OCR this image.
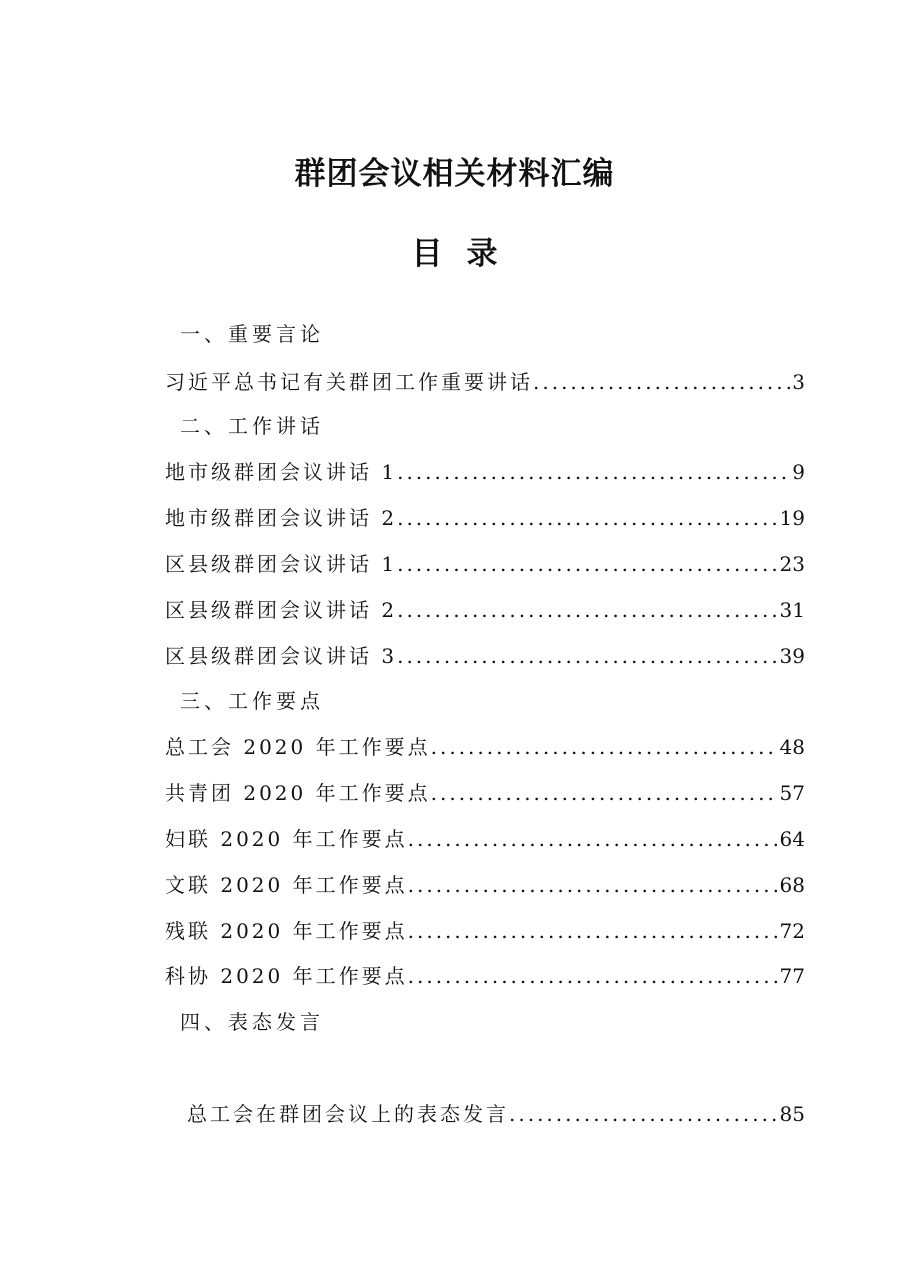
群团会议相关材料汇编
目录
一、重要言论
习近平总书记有关群团工作重要讲话 .....	3
二、工作讲话
地市级群团会议讲话 1 .....	9
地市级群团会议讲话 2 .....	19
区县级群团会议讲话 1 .....	23
区县级群团会议讲话 2 .....	31
区县级群团会议讲话 3 .....	39
三、工作要点
总工会 2020 年工作要点 .....	48
共青团 2020 年工作要点 .....	57
妇联 2020 年工作要点 .....	64
文联 2020 年工作要点 .....	68
残联 2020 年工作要点 .....	72
科协 2020 年工作要点 .....	77
四、表态发言
总工会在群团会议上的表态发言 .....	85
